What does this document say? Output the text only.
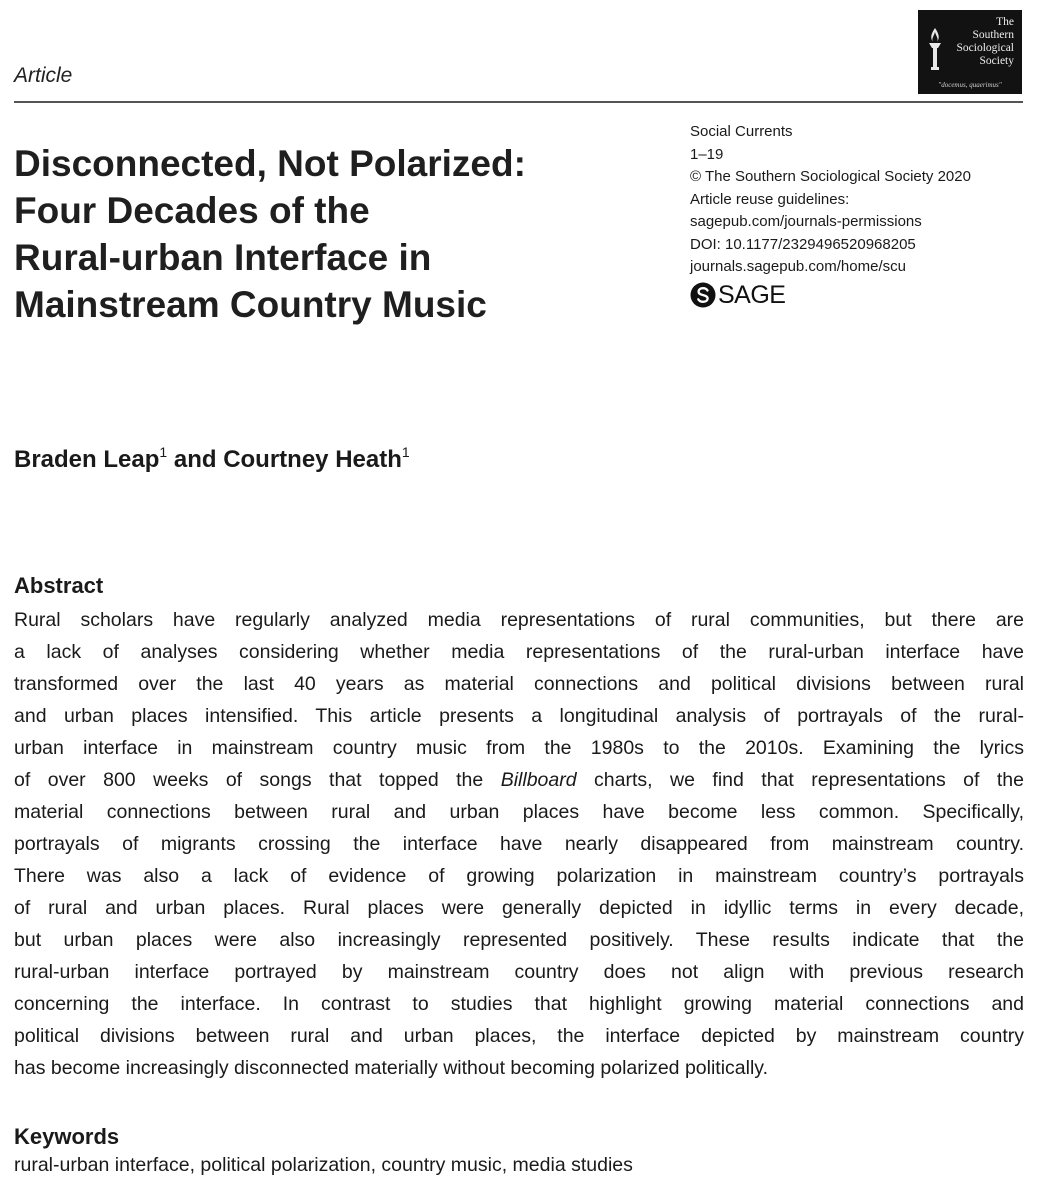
The
Southern
Sociological
Society
"docemus, quaerimus"

Article

Disconnected, Not Polarized:
Four Decades of the
Rural-urban Interface in
Mainstream Country Music
Social Currents
1–19
© The Southern Sociological Society 2020
Article reuse guidelines:
sagepub.com/journals-permissions
DOI: 10.1177/2329496520968205
journals.sagepub.com/home/scu
SAGE

Braden Leap$^1$ and Courtney Heath$^1$

Abstract
Rural scholars have regularly analyzed media representations of rural communities, but there are
a lack of analyses considering whether media representations of the rural-urban interface have
transformed over the last 40 years as material connections and political divisions between rural
and urban places intensified. This article presents a longitudinal analysis of portrayals of the rural-
urban interface in mainstream country music from the 1980s to the 2010s. Examining the lyrics
of over 800 weeks of songs that topped the Billboard charts, we find that representations of the
material connections between rural and urban places have become less common. Specifically,
portrayals of migrants crossing the interface have nearly disappeared from mainstream country.
There was also a lack of evidence of growing polarization in mainstream country’s portrayals
of rural and urban places. Rural places were generally depicted in idyllic terms in every decade,
but urban places were also increasingly represented positively. These results indicate that the
rural-urban interface portrayed by mainstream country does not align with previous research
concerning the interface. In contrast to studies that highlight growing material connections and
political divisions between rural and urban places, the interface depicted by mainstream country
has become increasingly disconnected materially without becoming polarized politically.
Keywords

rural-urban interface, political polarization, country music, media studies
